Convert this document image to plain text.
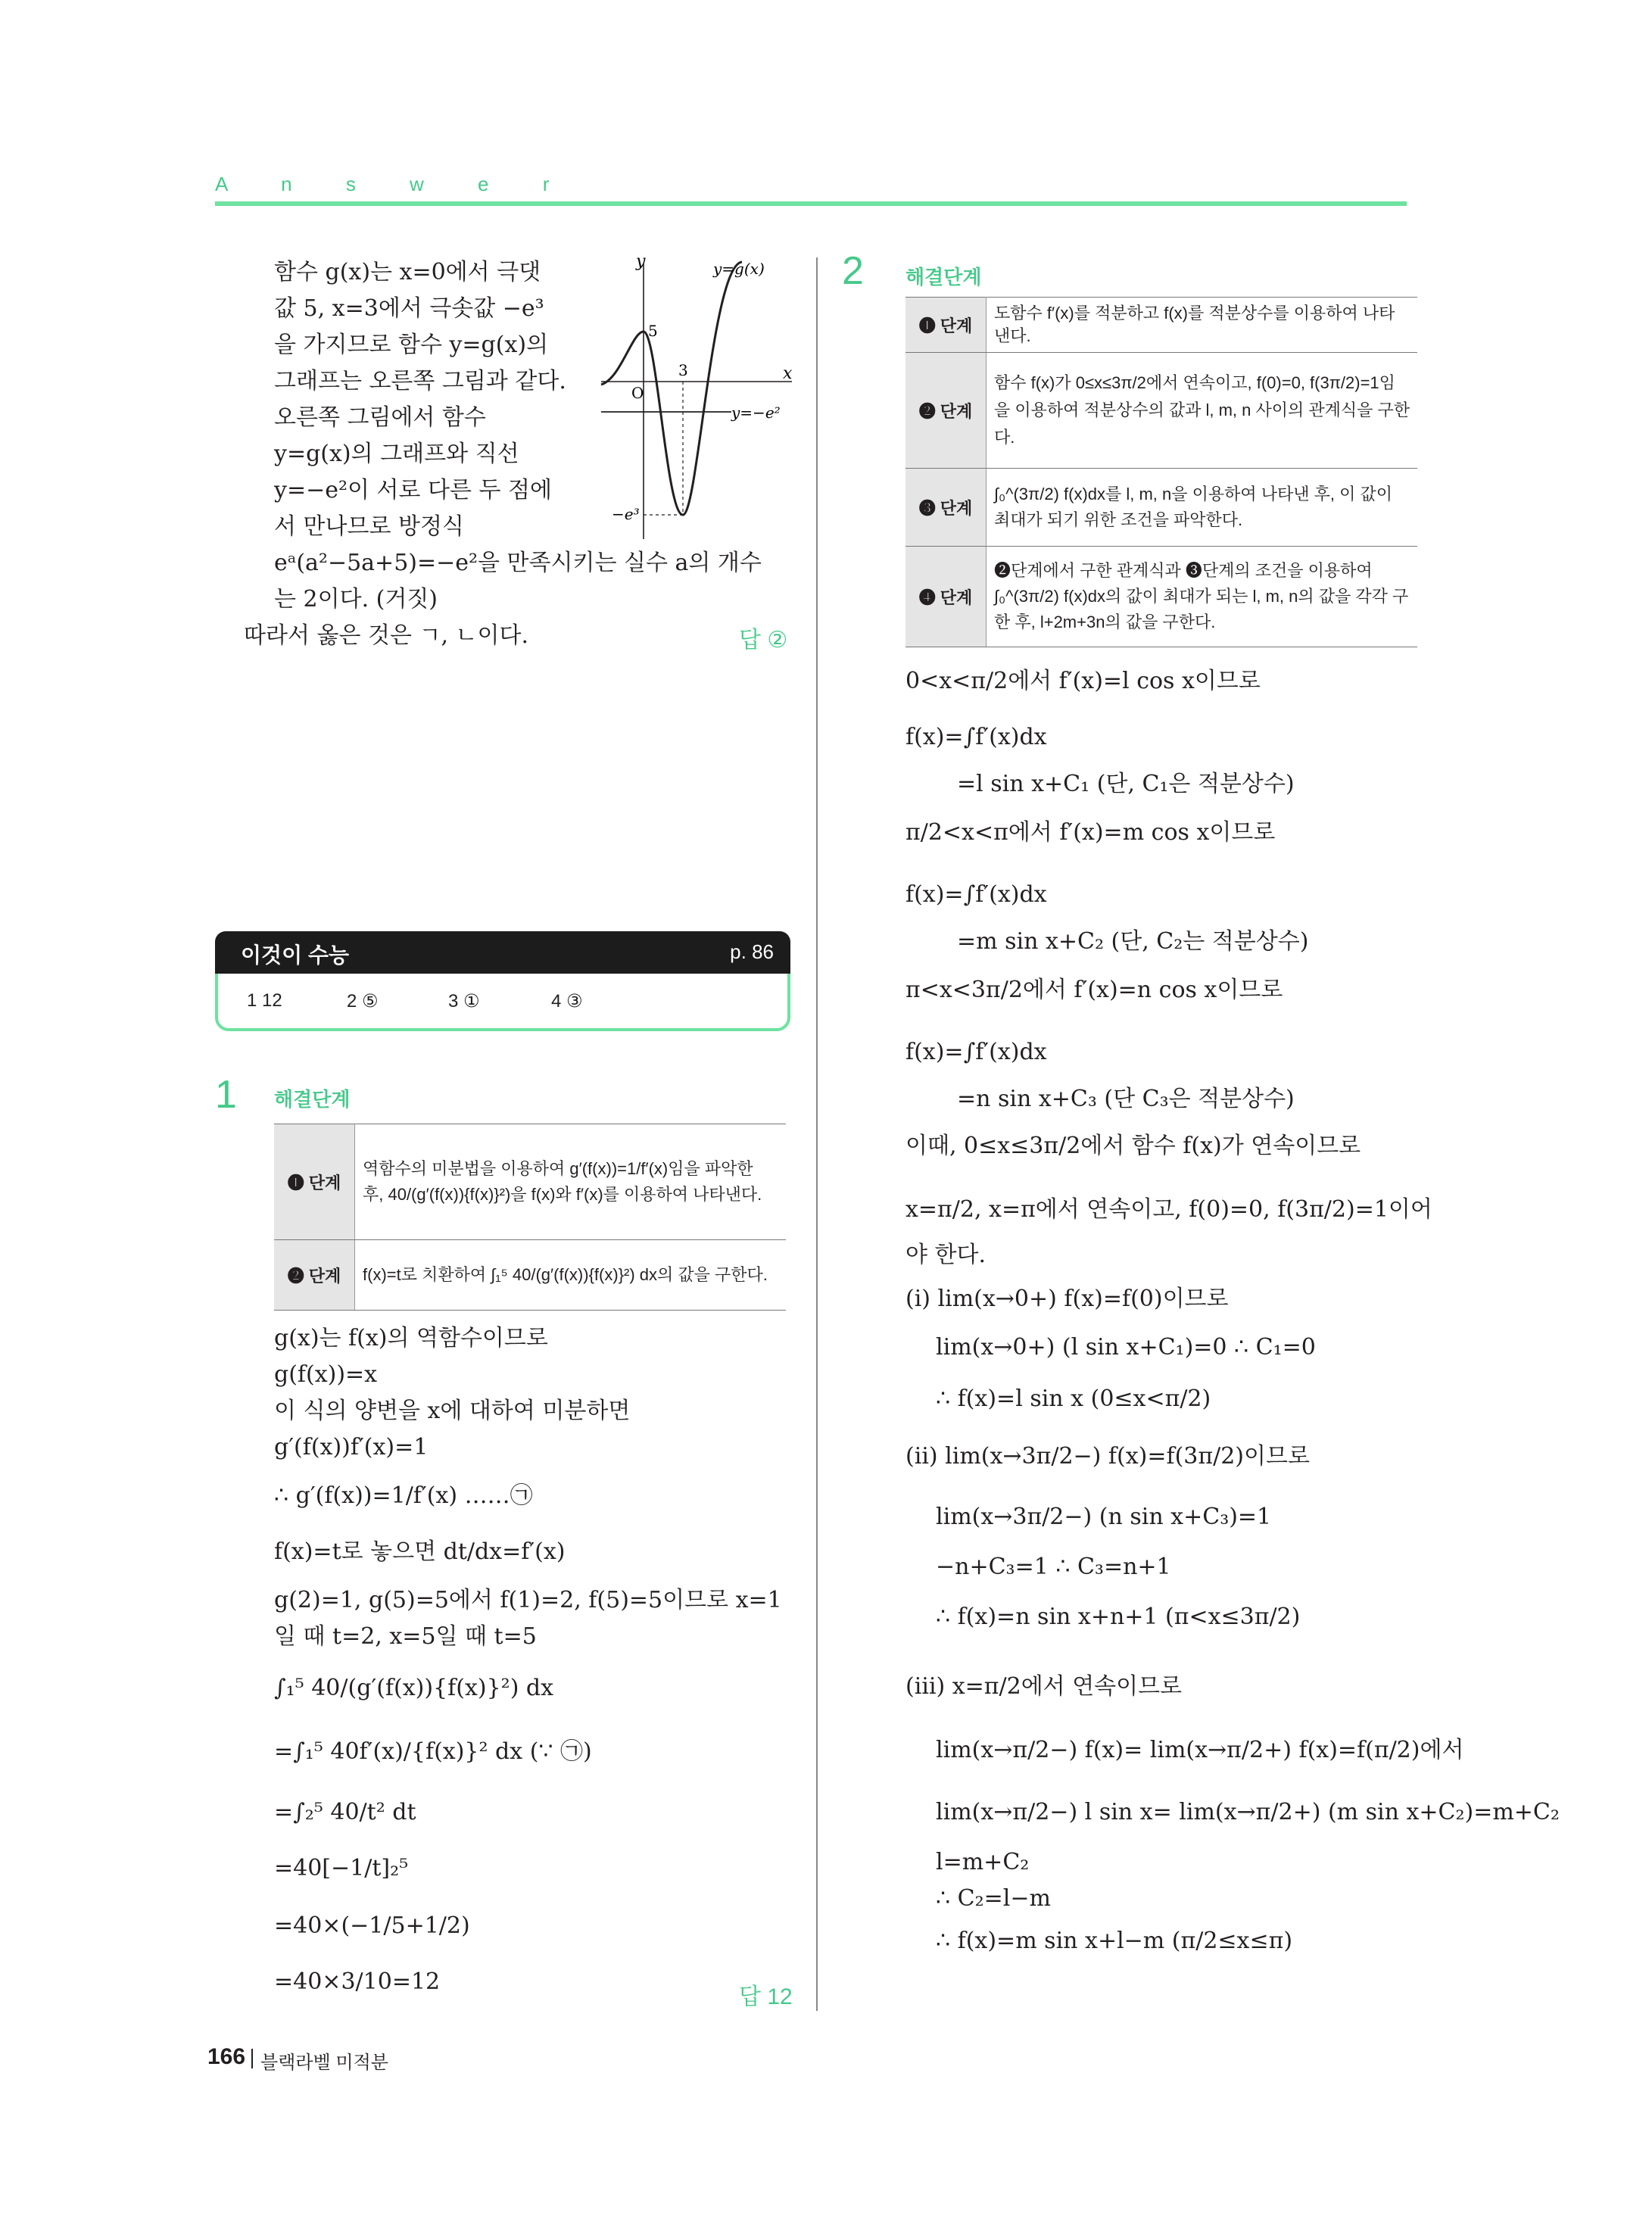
A n s w e r
함수 g(x)는 x=0에서 극댓
값 5, x=3에서 극솟값 −e³
을 가지므로 함수 y=g(x)의
그래프는 오른쪽 그림과 같다.
오른쪽 그림에서 함수
y=g(x)의 그래프와 직선
y=−e²이 서로 다른 두 점에
서 만나므로 방정식
eᵃ(a²−5a+5)=−e²을 만족시키는 실수 a의 개수
는 2이다. (거짓)
따라서 옳은 것은 ㄱ, ㄴ이다.	답 ②
y
x
y=g(x)
y=−e²
O
5
3
−e³
이것이 수능	p. 86
1 12	2 ⑤	3 ①	4 ③
1 해결단계
❶ 단계	역함수의 미분법을 이용하여 g′(f(x))=1/f′(x)임을 파악한 후, 40/(g′(f(x)){f(x)}²)을 f(x)와 f′(x)를 이용하여 나타낸다.
❷ 단계	f(x)=t로 치환하여 ∫₁⁵ 40/(g′(f(x)){f(x)}²) dx의 값을 구한다.
g(x)는 f(x)의 역함수이므로
g(f(x))=x
이 식의 양변을 x에 대하여 미분하면
g′(f(x))f′(x)=1
∴ g′(f(x))=1/f′(x) ……㉠
f(x)=t로 놓으면 dt/dx=f′(x)
g(2)=1, g(5)=5에서 f(1)=2, f(5)=5이므로 x=1
일 때 t=2, x=5일 때 t=5
∫₁⁵ 40/(g′(f(x)){f(x)}²) dx
=∫₁⁵ 40f′(x)/{f(x)}² dx (∵ ㉠)
=∫₂⁵ 40/t² dt
=40[−1/t]₂⁵
=40×(−1/5+1/2)
=40×3/10=12
답 12
2 해결단계
❶ 단계	도함수 f′(x)를 적분하고 f(x)를 적분상수를 이용하여 나타낸다.
❷ 단계	함수 f(x)가 0≤x≤3π/2에서 연속이고, f(0)=0, f(3π/2)=1임을 이용하여 적분상수의 값과 l, m, n 사이의 관계식을 구한다.
❸ 단계	∫₀^(3π/2) f(x)dx를 l, m, n을 이용하여 나타낸 후, 이 값이 최대가 되기 위한 조건을 파악한다.
❹ 단계	❷단계에서 구한 관계식과 ❸단계의 조건을 이용하여 ∫₀^(3π/2) f(x)dx의 값이 최대가 되는 l, m, n의 값을 각각 구한 후, l+2m+3n의 값을 구한다.
0<x<π/2에서 f′(x)=l cos x이므로
f(x)=∫f′(x)dx
=l sin x+C₁ (단, C₁은 적분상수)
π/2<x<π에서 f′(x)=m cos x이므로
f(x)=∫f′(x)dx
=m sin x+C₂ (단, C₂는 적분상수)
π<x<3π/2에서 f′(x)=n cos x이므로
f(x)=∫f′(x)dx
=n sin x+C₃ (단 C₃은 적분상수)
이때, 0≤x≤3π/2에서 함수 f(x)가 연속이므로
x=π/2, x=π에서 연속이고, f(0)=0, f(3π/2)=1이어
야 한다.
(ⅰ) lim(x→0+) f(x)=f(0)이므로
lim(x→0+) (l sin x+C₁)=0 ∴ C₁=0
∴ f(x)=l sin x (0≤x<π/2)
(ⅱ) lim(x→3π/2−) f(x)=f(3π/2)이므로
lim(x→3π/2−) (n sin x+C₃)=1
−n+C₃=1 ∴ C₃=n+1
∴ f(x)=n sin x+n+1 (π<x≤3π/2)
(ⅲ) x=π/2에서 연속이므로
lim(x→π/2−) f(x)= lim(x→π/2+) f(x)=f(π/2)에서
lim(x→π/2−) l sin x= lim(x→π/2+) (m sin x+C₂)=m+C₂
l=m+C₂
∴ C₂=l−m
∴ f(x)=m sin x+l−m (π/2≤x≤π)
166 블랙라벨 미적분
